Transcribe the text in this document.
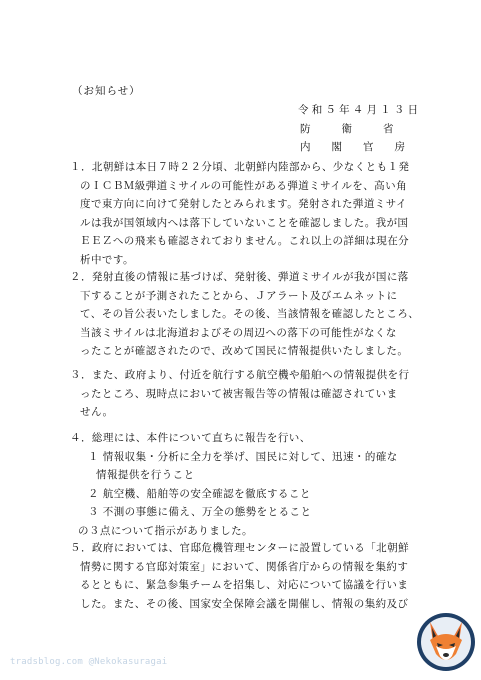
（お知らせ）
令和５年４月１３日
防衛省
内閣官房

１．北朝鮮は本日７時２２分頃、北朝鮮内陸部から、少なくとも１発

のＩＣＢＭ級弾道ミサイルの可能性がある弾道ミサイルを、高い角

度で東方向に向けて発射したとみられます。発射された弾道ミサイ

ルは我が国領域内へは落下していないことを確認しました。我が国

ＥＥＺへの飛来も確認されておりません。これ以上の詳細は現在分

析中です。

２．発射直後の情報に基づけば、発射後、弾道ミサイルが我が国に落

下することが予測されたことから、Ｊアラート及びエムネットに

て、その旨公表いたしました。その後、当該情報を確認したところ、

当該ミサイルは北海道およびその周辺への落下の可能性がなくな

ったことが確認されたので、改めて国民に情報提供いたしました。

３．また、政府より、付近を航行する航空機や船舶への情報提供を行

ったところ、現時点において被害報告等の情報は確認されていま

せん。

４．総理には、本件について直ちに報告を行い、

１ 情報収集・分析に全力を挙げ、国民に対して、迅速・的確な

情報提供を行うこと

２ 航空機、船舶等の安全確認を徹底すること

３ 不測の事態に備え、万全の態勢をとること

の３点について指示がありました。

５．政府においては、官邸危機管理センターに設置している「北朝鮮

情勢に関する官邸対策室」において、関係省庁からの情報を集約す

るとともに、緊急参集チームを招集し、対応について協議を行いま

した。また、その後、国家安全保障会議を開催し、情報の集約及び

tradsblog.com @Nekokasuragai
